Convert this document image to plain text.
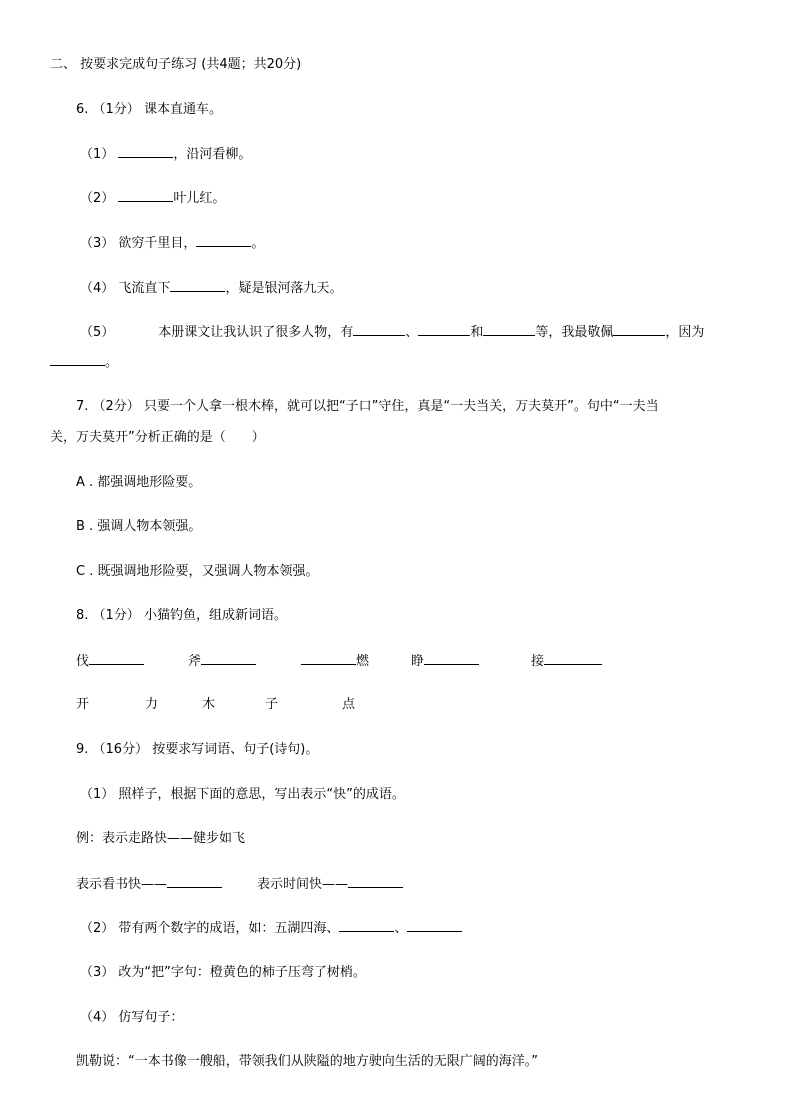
二、 按要求完成句子练习 (共4题；共20分)
6. （1分） 课本直通车。
（1）	，沿河看柳。
（2）	叶儿红。
（3） 欲穷千里目，	。
（4） 飞流直下	，疑是银河落九天。
（5）	本册课文让我认识了很多人物，有	、	和	等，我最敬佩	，因为
。
7. （2分） 只要一个人拿一根木棒，就可以把“子口”守住，真是“一夫当关，万夫莫开”。句中“一夫当
关，万夫莫开”分析正确的是（　　）
A . 都强调地形险要。
B . 强调人物本领强。
C . 既强调地形险要，又强调人物本领强。
8. （1分） 小猫钓鱼，组成新词语。
伐	斧	燃	睁	接
开	力	木	子	点
9. （16分） 按要求写词语、句子(诗句)。
（1） 照样子，根据下面的意思，写出表示“快”的成语。
例：表示走路快——健步如飞
表示看书快——	表示时间快——
（2） 带有两个数字的成语，如：五湖四海、	、
（3） 改为“把”字句：橙黄色的柿子压弯了树梢。
（4） 仿写句子：
凯勒说：“一本书像一艘船，带领我们从陕隘的地方驶向生活的无限广阔的海洋。”
